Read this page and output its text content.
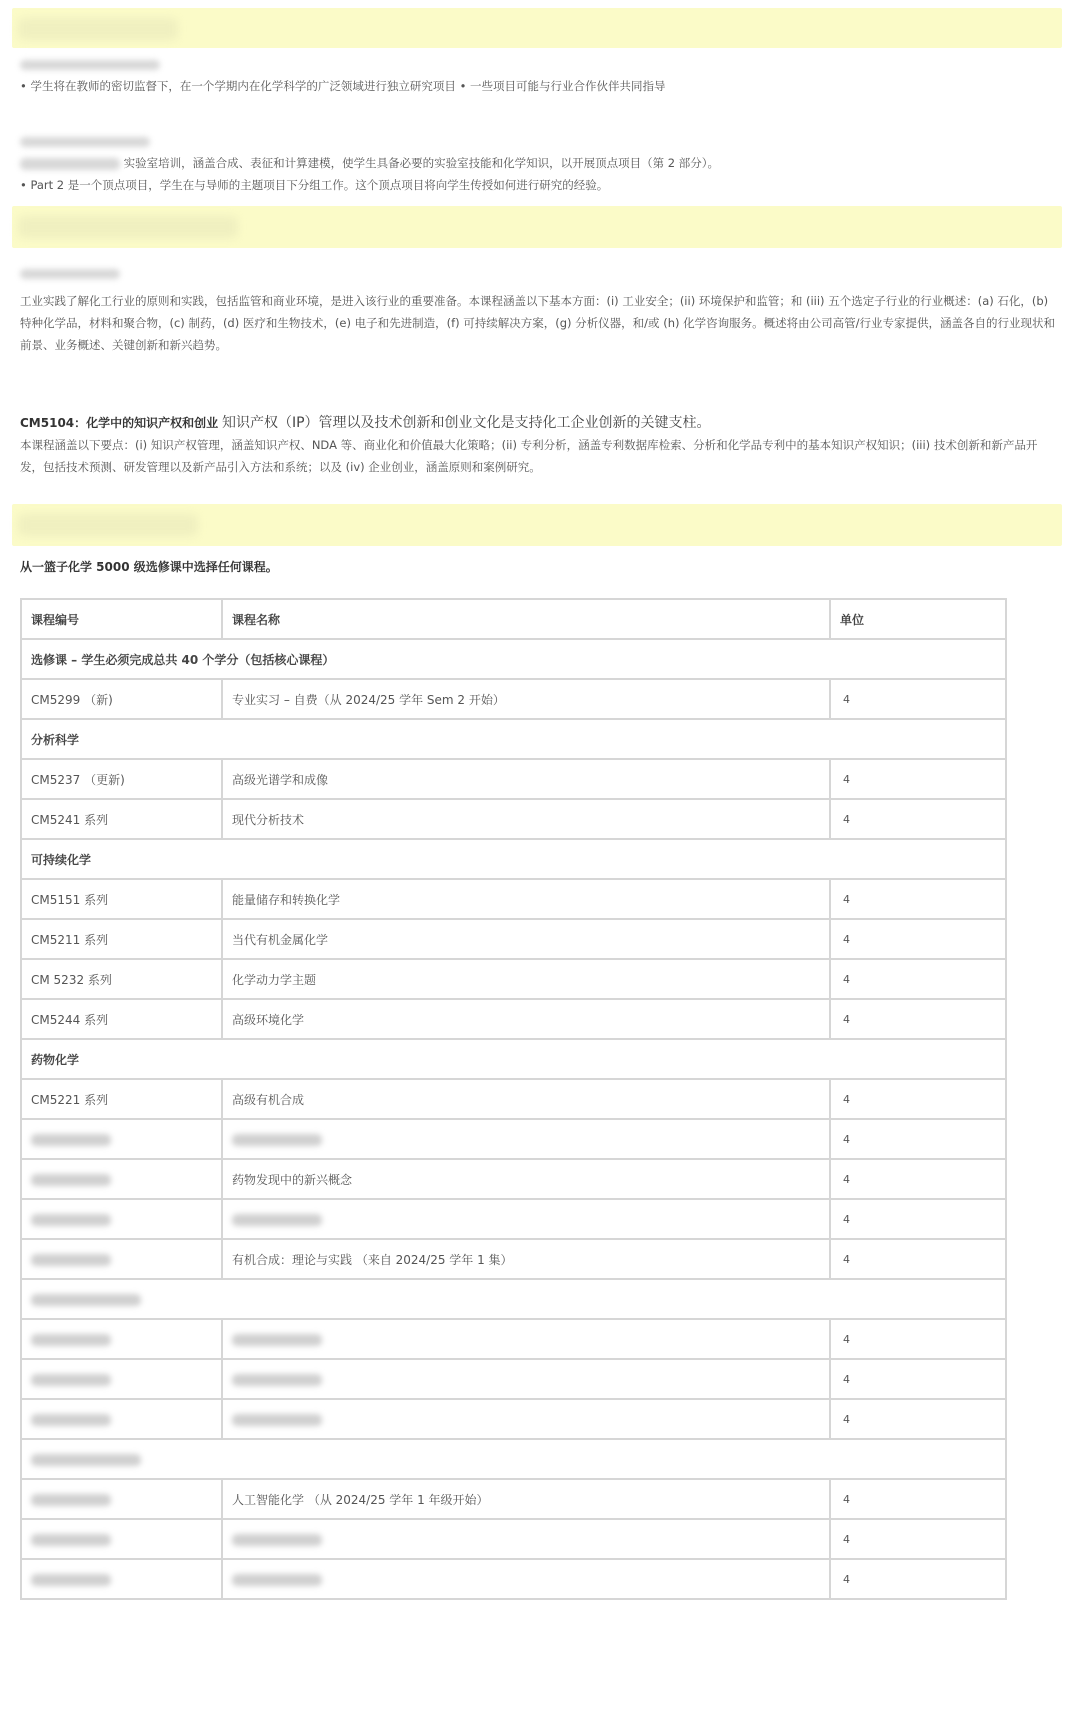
• 学生将在教师的密切监督下，在一个学期内在化学科学的广泛领域进行独立研究项目 • 一些项目可能与行业合作伙伴共同指导

实验室培训，涵盖合成、表征和计算建模，使学生具备必要的实验室技能和化学知识，以开展顶点项目（第 2 部分）。

• Part 2 是一个顶点项目，学生在与导师的主题项目下分组工作。这个顶点项目将向学生传授如何进行研究的经验。

工业实践了解化工行业的原则和实践，包括监管和商业环境，是进入该行业的重要准备。本课程涵盖以下基本方面：(i) 工业安全；(ii) 环境保护和监管；和 (iii) 五个选定子行业的行业概述：(a) 石化，(b) 特种化学品，材料和聚合物，(c) 制药，(d) 医疗和生物技术，(e) 电子和先进制造，(f) 可持续解决方案，(g) 分析仪器，和/或 (h) 化学咨询服务。概述将由公司高管/行业专家提供，涵盖各自的行业现状和前景、业务概述、关键创新和新兴趋势。

CM5104：化学中的知识产权和创业 知识产权（IP）管理以及技术创新和创业文化是支持化工企业创新的关键支柱。

本课程涵盖以下要点：(i) 知识产权管理，涵盖知识产权、NDA 等、商业化和价值最大化策略；(ii) 专利分析，涵盖专利数据库检索、分析和化学品专利中的基本知识产权知识；(iii) 技术创新和新产品开发，包括技术预测、研发管理以及新产品引入方法和系统；以及 (iv) 企业创业，涵盖原则和案例研究。

从一篮子化学 5000 级选修课中选择任何课程。
课程编号	课程名称	单位
选修课 – 学生必须完成总共 40 个学分（包括核心课程）		
CM5299 （新)	专业实习 – 自费（从 2024/25 学年 Sem 2 开始）	4
分析科学		
CM5237 （更新)	高级光谱学和成像	4
CM5241 系列	现代分析技术	4
可持续化学		
CM5151 系列	能量储存和转换化学	4
CM5211 系列	当代有机金属化学	4
CM 5232 系列	化学动力学主题	4
CM5244 系列	高级环境化学	4
药物化学		
CM5221 系列	高级有机合成	4
		4
	药物发现中的新兴概念	4
		4
	有机合成：理论与实践 （来自 2024/25 学年 1 集）	4

		4
		4
		4

	人工智能化学 （从 2024/25 学年 1 年级开始）	4
		4
		4
